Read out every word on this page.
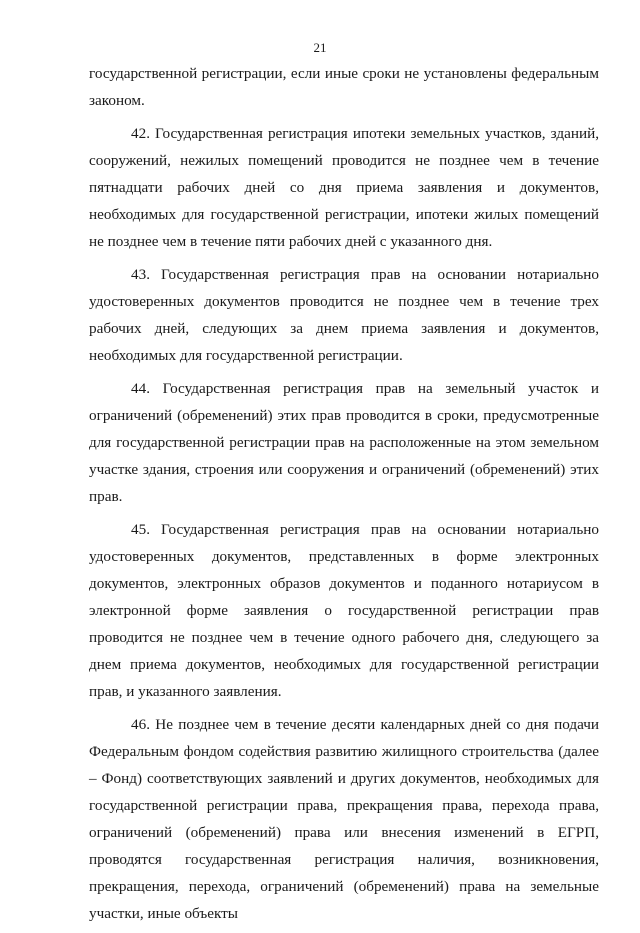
21

государственной регистрации, если иные сроки не установлены федеральным законом.

42. Государственная регистрация ипотеки земельных участков, зданий, сооружений, нежилых помещений проводится не позднее чем в течение пятнадцати рабочих дней со дня приема заявления и документов, необходимых для государственной регистрации, ипотеки жилых помещений не позднее чем в течение пяти рабочих дней с указанного дня.

43. Государственная регистрация прав на основании нотариально удостоверенных документов проводится не позднее чем в течение трех рабочих дней, следующих за днем приема заявления и документов, необходимых для государственной регистрации.

44. Государственная регистрация прав на земельный участок и ограничений (обременений) этих прав проводится в сроки, предусмотренные для государственной регистрации прав на расположенные на этом земельном участке здания, строения или сооружения и ограничений (обременений) этих прав.

45. Государственная регистрация прав на основании нотариально удостоверенных документов, представленных в форме электронных документов, электронных образов документов и поданного нотариусом в электронной форме заявления о государственной регистрации прав проводится не позднее чем в течение одного рабочего дня, следующего за днем приема документов, необходимых для государственной регистрации прав, и указанного заявления.

46. Не позднее чем в течение десяти календарных дней со дня подачи Федеральным фондом содействия развитию жилищного строительства (далее – Фонд) соответствующих заявлений и других документов, необходимых для государственной регистрации права, прекращения права, перехода права, ограничений (обременений) права или внесения изменений в ЕГРП, проводятся государственная регистрация наличия, возникновения, прекращения, перехода, ограничений (обременений) права на земельные участки, иные объекты
